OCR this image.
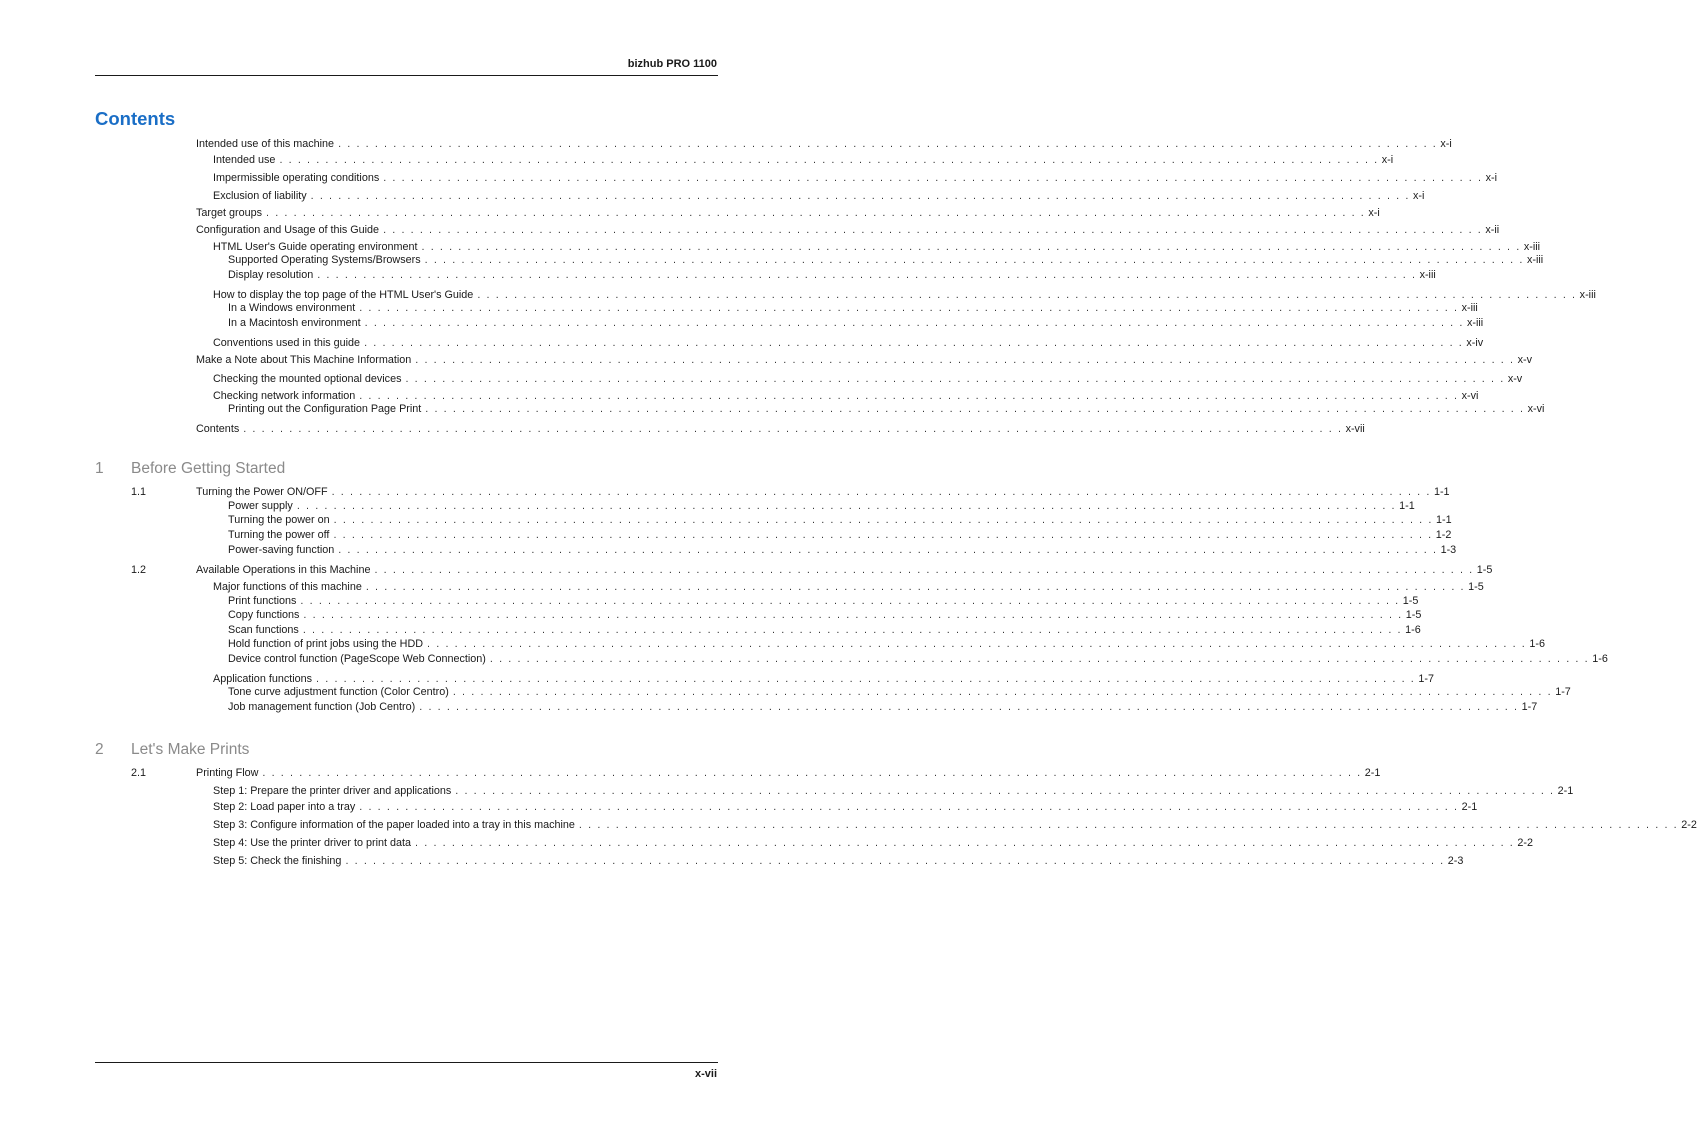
bizhub PRO 1100
Contents
Intended use of this machine . . . . . . . . . . . . . . . . . . . . . . . . . . . . . . . . . . . . . . . . . . . . . . . . . . . . . . . . . . . . . . . . . . . . . . . . . . . . . . . . . . . . . . . . . . . . . . . . . . . . . . . . . . . . . . . . . . . . . . . . x-i
Intended use . . . . . . . . . . . . . . . . . . . . . . . . . . . . . . . . . . . . . . . . . . . . . . . . . . . . . . . . . . . . . . . . . . . . . . . . . . . . . . . . . . . . . . . . . . . . . . . . . . . . . . . . . . . . . . . . . . . . . . . . x-i
Impermissible operating conditions . . . . . . . . . . . . . . . . . . . . . . . . . . . . . . . . . . . . . . . . . . . . . . . . . . . . . . . . . . . . . . . . . . . . . . . . . . . . . . . . . . . . . . . . . . . . . . . . . . . . . . . . . . . . . . . . . . . . . . . . x-i
Exclusion of liability . . . . . . . . . . . . . . . . . . . . . . . . . . . . . . . . . . . . . . . . . . . . . . . . . . . . . . . . . . . . . . . . . . . . . . . . . . . . . . . . . . . . . . . . . . . . . . . . . . . . . . . . . . . . . . . . . . . . . . . . x-i
Target groups . . . . . . . . . . . . . . . . . . . . . . . . . . . . . . . . . . . . . . . . . . . . . . . . . . . . . . . . . . . . . . . . . . . . . . . . . . . . . . . . . . . . . . . . . . . . . . . . . . . . . . . . . . . . . . . . . . . . . . . . x-i
Configuration and Usage of this Guide . . . . . . . . . . . . . . . . . . . . . . . . . . . . . . . . . . . . . . . . . . . . . . . . . . . . . . . . . . . . . . . . . . . . . . . . . . . . . . . . . . . . . . . . . . . . . . . . . . . . . . . . . . . . . . . . . . . . . . . . x-ii
HTML User's Guide operating environment . . . . . . . . . . . . . . . . . . . . . . . . . . . . . . . . . . . . . . . . . . . . . . . . . . . . . . . . . . . . . . . . . . . . . . . . . . . . . . . . . . . . . . . . . . . . . . . . . . . . . . . . . . . . . . . . . . . . . . . . x-iii
Supported Operating Systems/Browsers . . . . . . . . . . . . . . . . . . . . . . . . . . . . . . . . . . . . . . . . . . . . . . . . . . . . . . . . . . . . . . . . . . . . . . . . . . . . . . . . . . . . . . . . . . . . . . . . . . . . . . . . . . . . . . . . . . . . . . . . x-iii
Display resolution . . . . . . . . . . . . . . . . . . . . . . . . . . . . . . . . . . . . . . . . . . . . . . . . . . . . . . . . . . . . . . . . . . . . . . . . . . . . . . . . . . . . . . . . . . . . . . . . . . . . . . . . . . . . . . . . . . . . . . . . x-iii
How to display the top page of the HTML User's Guide . . . . . . . . . . . . . . . . . . . . . . . . . . . . . . . . . . . . . . . . . . . . . . . . . . . . . . . . . . . . . . . . . . . . . . . . . . . . . . . . . . . . . . . . . . . . . . . . . . . . . . . . . . . . . . . . . . . . . . . . x-iii
In a Windows environment . . . . . . . . . . . . . . . . . . . . . . . . . . . . . . . . . . . . . . . . . . . . . . . . . . . . . . . . . . . . . . . . . . . . . . . . . . . . . . . . . . . . . . . . . . . . . . . . . . . . . . . . . . . . . . . . . . . . . . . . x-iii
In a Macintosh environment . . . . . . . . . . . . . . . . . . . . . . . . . . . . . . . . . . . . . . . . . . . . . . . . . . . . . . . . . . . . . . . . . . . . . . . . . . . . . . . . . . . . . . . . . . . . . . . . . . . . . . . . . . . . . . . . . . . . . . . . x-iii
Conventions used in this guide . . . . . . . . . . . . . . . . . . . . . . . . . . . . . . . . . . . . . . . . . . . . . . . . . . . . . . . . . . . . . . . . . . . . . . . . . . . . . . . . . . . . . . . . . . . . . . . . . . . . . . . . . . . . . . . . . . . . . . . . x-iv
Make a Note about This Machine Information . . . . . . . . . . . . . . . . . . . . . . . . . . . . . . . . . . . . . . . . . . . . . . . . . . . . . . . . . . . . . . . . . . . . . . . . . . . . . . . . . . . . . . . . . . . . . . . . . . . . . . . . . . . . . . . . . . . . . . . . x-v
Checking the mounted optional devices . . . . . . . . . . . . . . . . . . . . . . . . . . . . . . . . . . . . . . . . . . . . . . . . . . . . . . . . . . . . . . . . . . . . . . . . . . . . . . . . . . . . . . . . . . . . . . . . . . . . . . . . . . . . . . . . . . . . . . . . x-v
Checking network information . . . . . . . . . . . . . . . . . . . . . . . . . . . . . . . . . . . . . . . . . . . . . . . . . . . . . . . . . . . . . . . . . . . . . . . . . . . . . . . . . . . . . . . . . . . . . . . . . . . . . . . . . . . . . . . . . . . . . . . . x-vi
Printing out the Configuration Page Print . . . . . . . . . . . . . . . . . . . . . . . . . . . . . . . . . . . . . . . . . . . . . . . . . . . . . . . . . . . . . . . . . . . . . . . . . . . . . . . . . . . . . . . . . . . . . . . . . . . . . . . . . . . . . . . . . . . . . . . . x-vi
Contents . . . . . . . . . . . . . . . . . . . . . . . . . . . . . . . . . . . . . . . . . . . . . . . . . . . . . . . . . . . . . . . . . . . . . . . . . . . . . . . . . . . . . . . . . . . . . . . . . . . . . . . . . . . . . . . . . . . . . . . . x-vii
1 Before Getting Started
Turning the Power ON/OFF . . . . . . . . . . . . . . . . . . . . . . . . . . . . . . . . . . . . . . . . . . . . . . . . . . . . . . . . . . . . . . . . . . . . . . . . . . . . . . . . . . . . . . . . . . . . . . . . . . . . . . . . . . . . . . . . . . . . . . . . 1-1
1.1
Power supply . . . . . . . . . . . . . . . . . . . . . . . . . . . . . . . . . . . . . . . . . . . . . . . . . . . . . . . . . . . . . . . . . . . . . . . . . . . . . . . . . . . . . . . . . . . . . . . . . . . . . . . . . . . . . . . . . . . . . . . . 1-1
Turning the power on . . . . . . . . . . . . . . . . . . . . . . . . . . . . . . . . . . . . . . . . . . . . . . . . . . . . . . . . . . . . . . . . . . . . . . . . . . . . . . . . . . . . . . . . . . . . . . . . . . . . . . . . . . . . . . . . . . . . . . . . 1-1
Turning the power off . . . . . . . . . . . . . . . . . . . . . . . . . . . . . . . . . . . . . . . . . . . . . . . . . . . . . . . . . . . . . . . . . . . . . . . . . . . . . . . . . . . . . . . . . . . . . . . . . . . . . . . . . . . . . . . . . . . . . . . . 1-2
Power-saving function . . . . . . . . . . . . . . . . . . . . . . . . . . . . . . . . . . . . . . . . . . . . . . . . . . . . . . . . . . . . . . . . . . . . . . . . . . . . . . . . . . . . . . . . . . . . . . . . . . . . . . . . . . . . . . . . . . . . . . . . 1-3
Available Operations in this Machine . . . . . . . . . . . . . . . . . . . . . . . . . . . . . . . . . . . . . . . . . . . . . . . . . . . . . . . . . . . . . . . . . . . . . . . . . . . . . . . . . . . . . . . . . . . . . . . . . . . . . . . . . . . . . . . . . . . . . . . . 1-5
1.2
Major functions of this machine . . . . . . . . . . . . . . . . . . . . . . . . . . . . . . . . . . . . . . . . . . . . . . . . . . . . . . . . . . . . . . . . . . . . . . . . . . . . . . . . . . . . . . . . . . . . . . . . . . . . . . . . . . . . . . . . . . . . . . . . 1-5
Print functions . . . . . . . . . . . . . . . . . . . . . . . . . . . . . . . . . . . . . . . . . . . . . . . . . . . . . . . . . . . . . . . . . . . . . . . . . . . . . . . . . . . . . . . . . . . . . . . . . . . . . . . . . . . . . . . . . . . . . . . . 1-5
Copy functions . . . . . . . . . . . . . . . . . . . . . . . . . . . . . . . . . . . . . . . . . . . . . . . . . . . . . . . . . . . . . . . . . . . . . . . . . . . . . . . . . . . . . . . . . . . . . . . . . . . . . . . . . . . . . . . . . . . . . . . . 1-5
Scan functions . . . . . . . . . . . . . . . . . . . . . . . . . . . . . . . . . . . . . . . . . . . . . . . . . . . . . . . . . . . . . . . . . . . . . . . . . . . . . . . . . . . . . . . . . . . . . . . . . . . . . . . . . . . . . . . . . . . . . . . . 1-6
Hold function of print jobs using the HDD . . . . . . . . . . . . . . . . . . . . . . . . . . . . . . . . . . . . . . . . . . . . . . . . . . . . . . . . . . . . . . . . . . . . . . . . . . . . . . . . . . . . . . . . . . . . . . . . . . . . . . . . . . . . . . . . . . . . . . . . 1-6
Device control function (PageScope Web Connection) . . . . . . . . . . . . . . . . . . . . . . . . . . . . . . . . . . . . . . . . . . . . . . . . . . . . . . . . . . . . . . . . . . . . . . . . . . . . . . . . . . . . . . . . . . . . . . . . . . . . . . . . . . . . . . . . . . . . . . . . 1-6
Application functions . . . . . . . . . . . . . . . . . . . . . . . . . . . . . . . . . . . . . . . . . . . . . . . . . . . . . . . . . . . . . . . . . . . . . . . . . . . . . . . . . . . . . . . . . . . . . . . . . . . . . . . . . . . . . . . . . . . . . . . . 1-7
Tone curve adjustment function (Color Centro) . . . . . . . . . . . . . . . . . . . . . . . . . . . . . . . . . . . . . . . . . . . . . . . . . . . . . . . . . . . . . . . . . . . . . . . . . . . . . . . . . . . . . . . . . . . . . . . . . . . . . . . . . . . . . . . . . . . . . . . . 1-7
Job management function (Job Centro) . . . . . . . . . . . . . . . . . . . . . . . . . . . . . . . . . . . . . . . . . . . . . . . . . . . . . . . . . . . . . . . . . . . . . . . . . . . . . . . . . . . . . . . . . . . . . . . . . . . . . . . . . . . . . . . . . . . . . . . . 1-7
2 Let's Make Prints
Printing Flow . . . . . . . . . . . . . . . . . . . . . . . . . . . . . . . . . . . . . . . . . . . . . . . . . . . . . . . . . . . . . . . . . . . . . . . . . . . . . . . . . . . . . . . . . . . . . . . . . . . . . . . . . . . . . . . . . . . . . . . . 2-1
2.1
Step 1: Prepare the printer driver and applications . . . . . . . . . . . . . . . . . . . . . . . . . . . . . . . . . . . . . . . . . . . . . . . . . . . . . . . . . . . . . . . . . . . . . . . . . . . . . . . . . . . . . . . . . . . . . . . . . . . . . . . . . . . . . . . . . . . . . . . . 2-1
Step 2: Load paper into a tray . . . . . . . . . . . . . . . . . . . . . . . . . . . . . . . . . . . . . . . . . . . . . . . . . . . . . . . . . . . . . . . . . . . . . . . . . . . . . . . . . . . . . . . . . . . . . . . . . . . . . . . . . . . . . . . . . . . . . . . . 2-1
Step 3: Configure information of the paper loaded into a tray in this machine . . . . . . . . . . . . . . . . . . . . . . . . . . . . . . . . . . . . . . . . . . . . . . . . . . . . . . . . . . . . . . . . . . . . . . . . . . . . . . . . . . . . . . . . . . . . . . . . . . . . . . . . . . . . . . . . . . . . . . . . 2-2
Step 4: Use the printer driver to print data . . . . . . . . . . . . . . . . . . . . . . . . . . . . . . . . . . . . . . . . . . . . . . . . . . . . . . . . . . . . . . . . . . . . . . . . . . . . . . . . . . . . . . . . . . . . . . . . . . . . . . . . . . . . . . . . . . . . . . . . 2-2
Step 5: Check the finishing . . . . . . . . . . . . . . . . . . . . . . . . . . . . . . . . . . . . . . . . . . . . . . . . . . . . . . . . . . . . . . . . . . . . . . . . . . . . . . . . . . . . . . . . . . . . . . . . . . . . . . . . . . . . . . . . . . . . . . . . 2-3
x-vii
